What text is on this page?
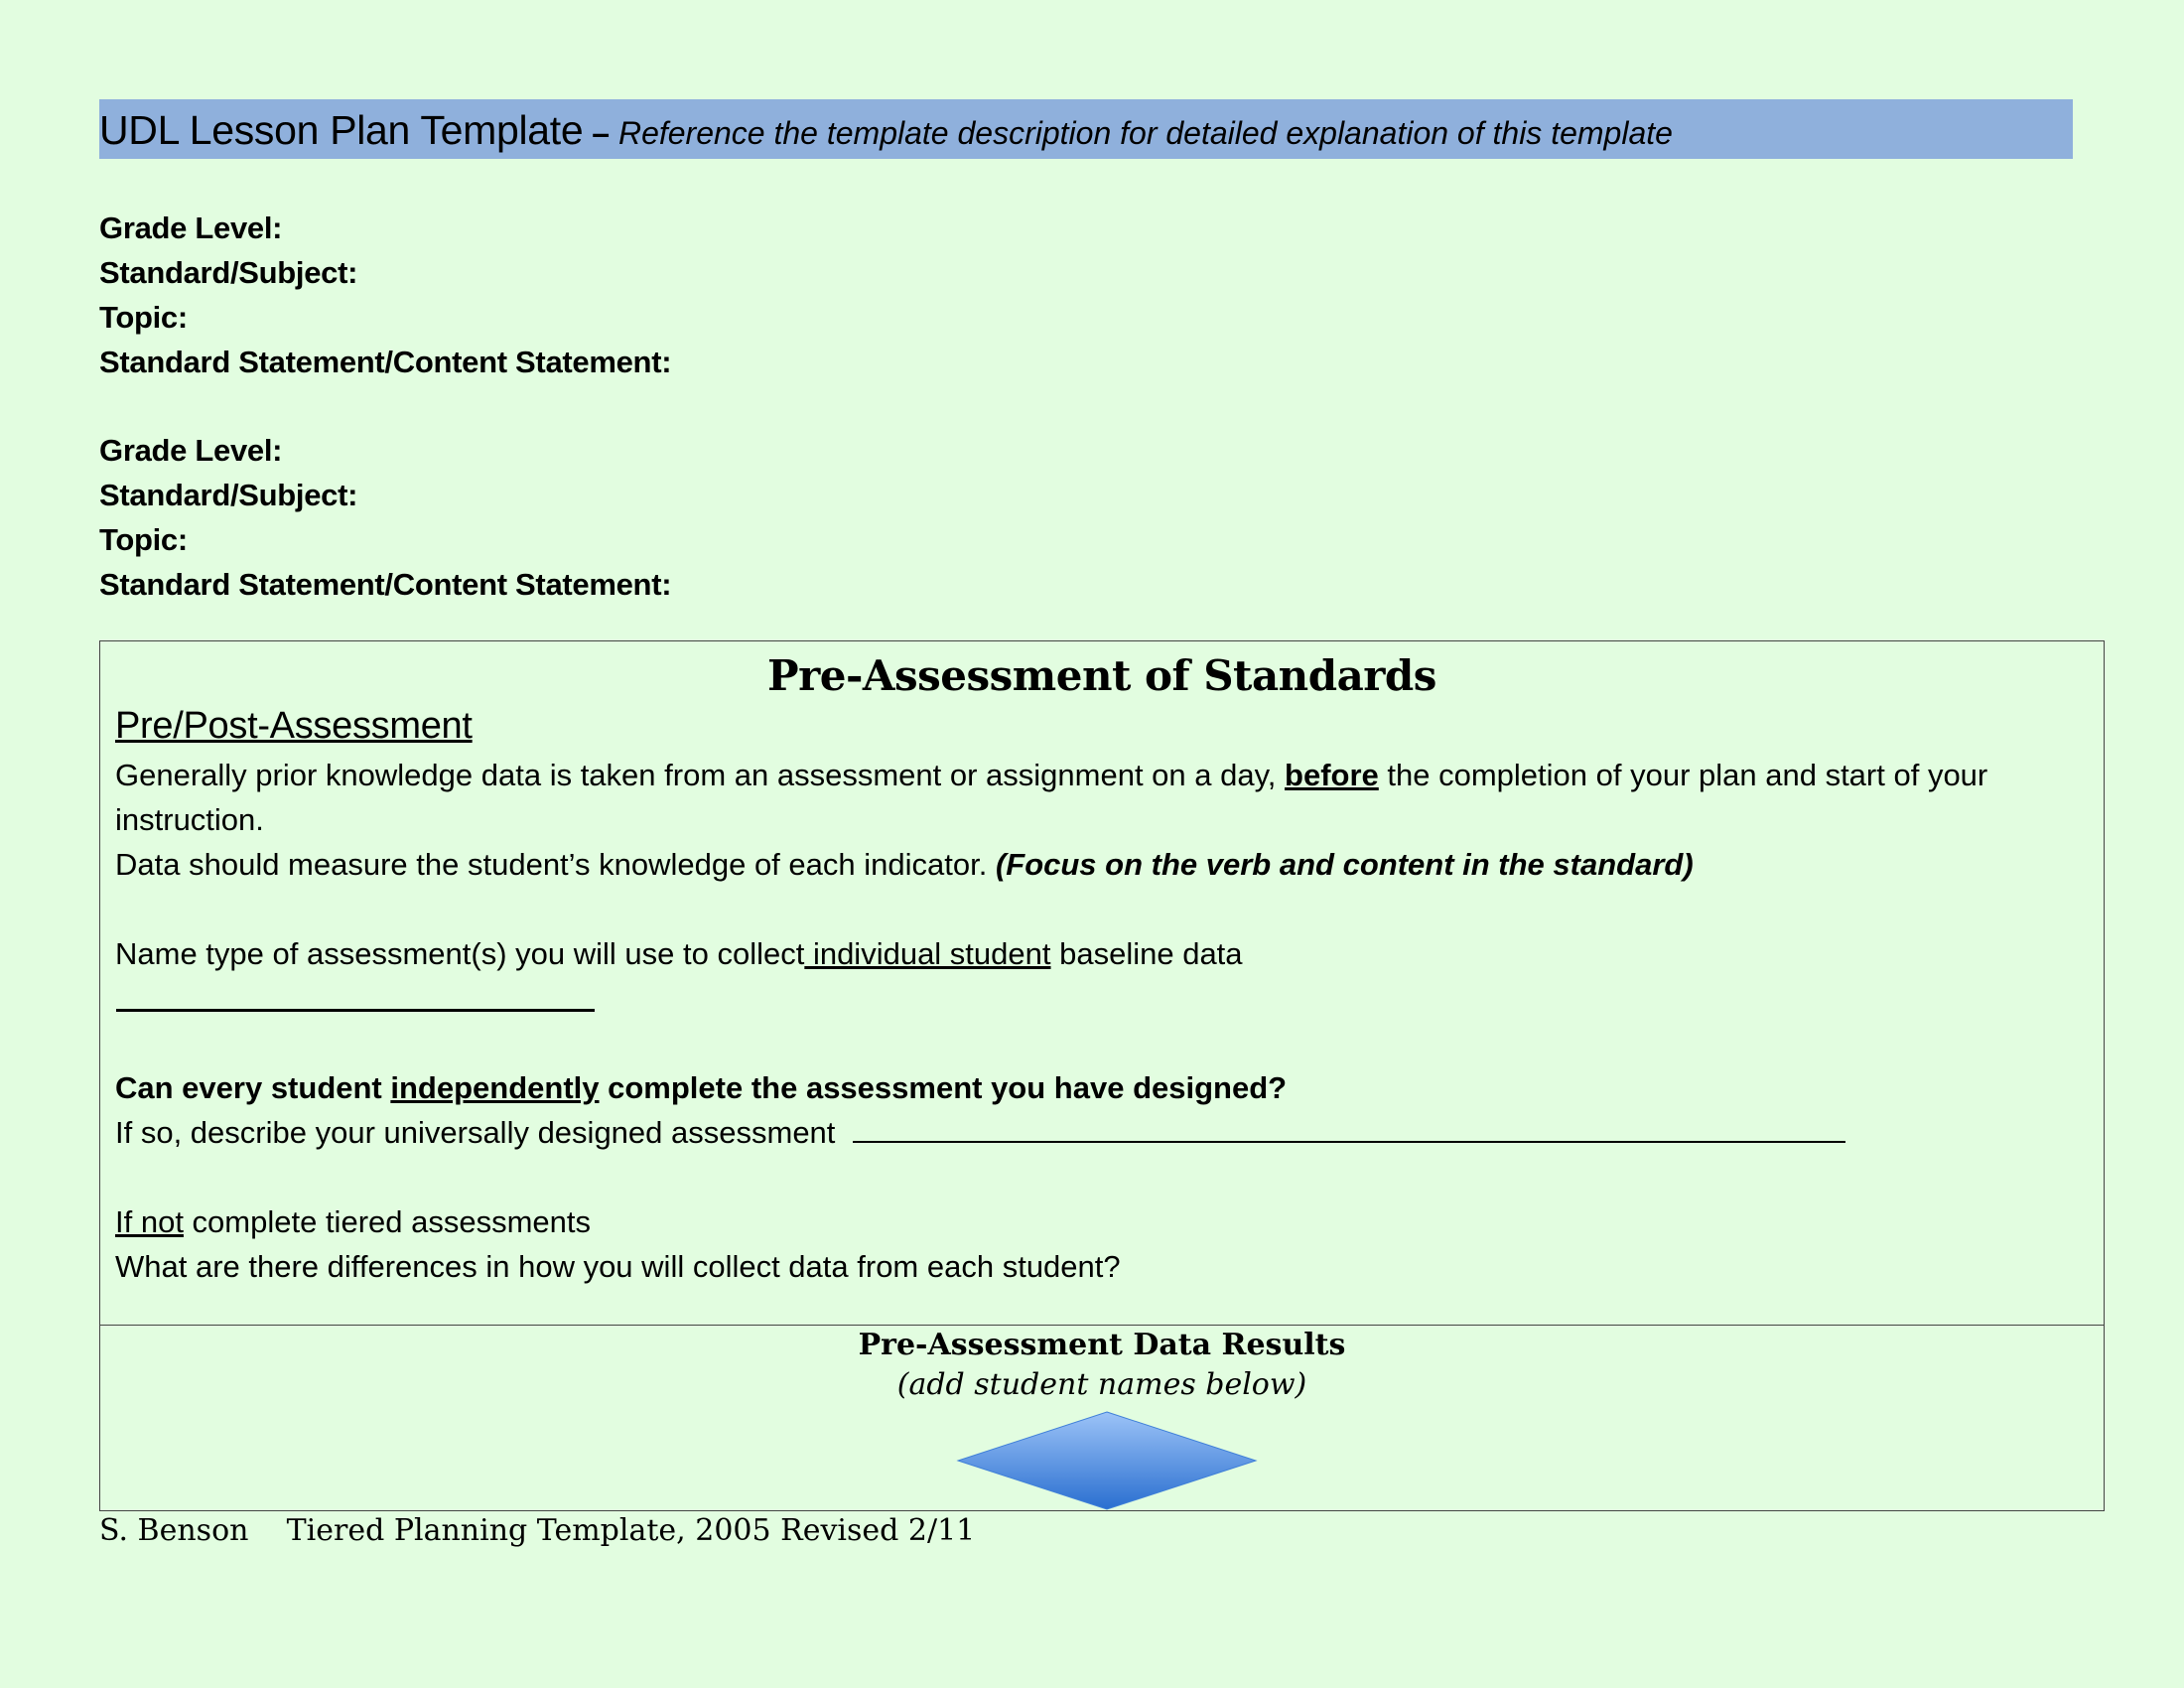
UDL Lesson Plan Template – Reference the template description for detailed explanation of this template
Grade Level:
Standard/Subject:
Topic:
Standard Statement/Content Statement:
Grade Level:
Standard/Subject:
Topic:
Standard Statement/Content Statement:
Pre-Assessment of Standards
Pre/Post-Assessment
Generally prior knowledge data is taken from an assessment or assignment on a day, before the completion of your plan and start of your instruction.
Data should measure the student’s knowledge of each indicator. (Focus on the verb and content in the standard)
Name type of assessment(s) you will use to collect individual student baseline data
Can every student independently complete the assessment you have designed?
If so, describe your universally designed assessment
If not complete tiered assessments
What are there differences in how you will collect data from each student?
Pre-Assessment Data Results
(add student names below)
S. Benson Tiered Planning Template, 2005 Revised 2/11
